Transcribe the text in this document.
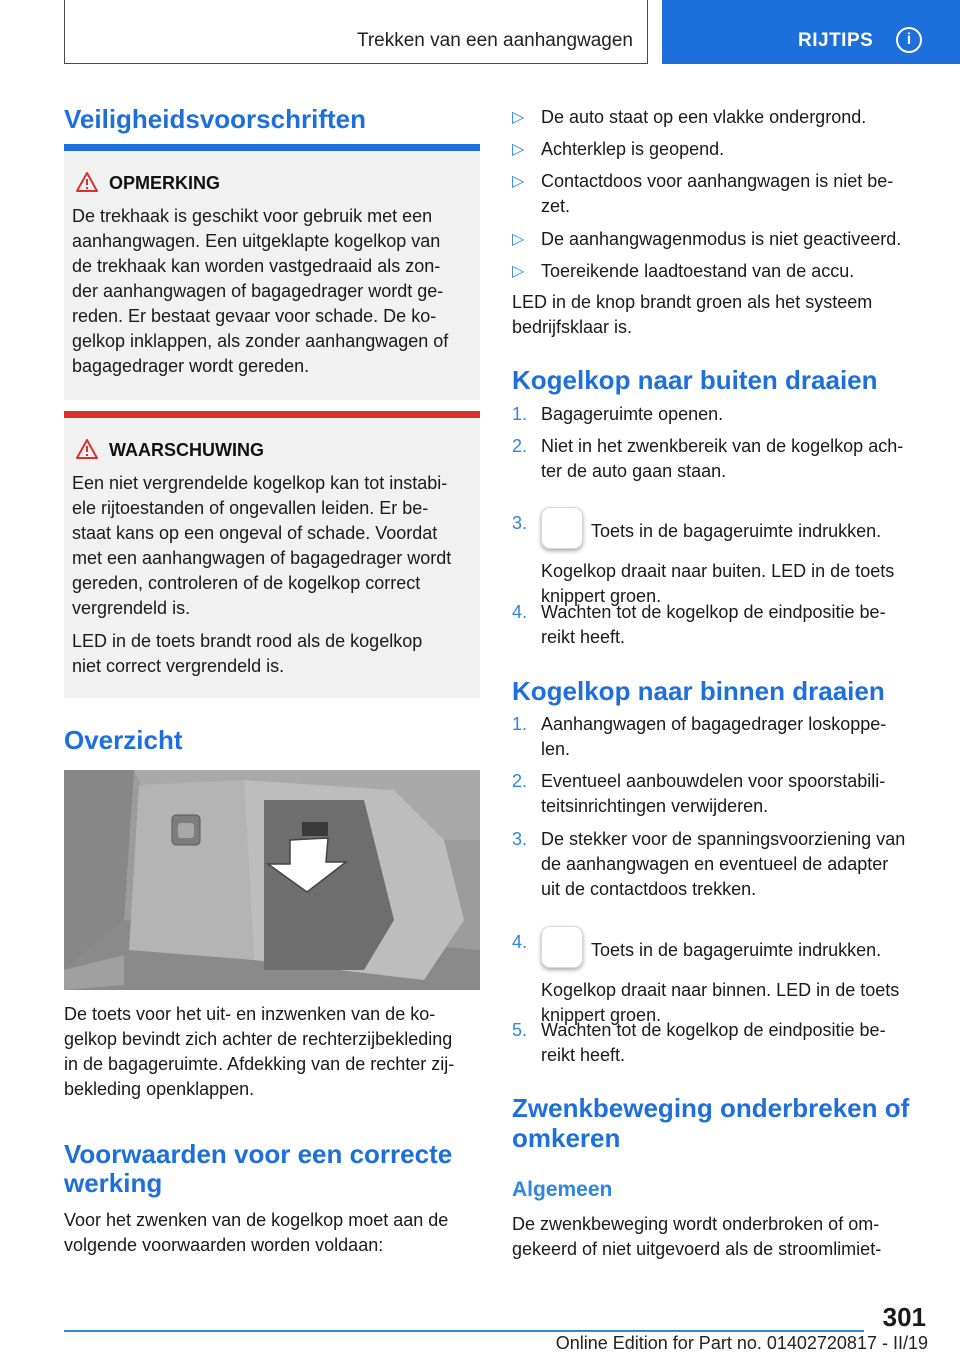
Trekken van een aanhangwagen	RIJTIPS	i
Veiligheidsvoorschriften
OPMERKING
De trekhaak is geschikt voor gebruik met een
aanhangwagen. Een uitgeklapte kogelkop van
de trekhaak kan worden vastgedraaid als zon-
der aanhangwagen of bagagedrager wordt ge-
reden. Er bestaat gevaar voor schade. De ko-
gelkop inklappen, als zonder aanhangwagen of
bagagedrager wordt gereden.
WAARSCHUWING
Een niet vergrendelde kogelkop kan tot instabi-
ele rijtoestanden of ongevallen leiden. Er be-
staat kans op een ongeval of schade. Voordat
met een aanhangwagen of bagagedrager wordt
gereden, controleren of de kogelkop correct
vergrendeld is.
LED in de toets brandt rood als de kogelkop
niet correct vergrendeld is.
Overzicht
De toets voor het uit- en inzwenken van de ko-
gelkop bevindt zich achter de rechterzijbekleding
in de bagageruimte. Afdekking van de rechter zij-
bekleding openklappen.
Voorwaarden voor een correcte
werking
Voor het zwenken van de kogelkop moet aan de
volgende voorwaarden worden voldaan:
▷ De auto staat op een vlakke ondergrond.
▷ Achterklep is geopend.
▷ Contactdoos voor aanhangwagen is niet be-
zet.
▷ De aanhangwagenmodus is niet geactiveerd.
▷ Toereikende laadtoestand van de accu.
LED in de knop brandt groen als het systeem
bedrijfsklaar is.
Kogelkop naar buiten draaien
1. Bagageruimte openen.
2. Niet in het zwenkbereik van de kogelkop ach-
ter de auto gaan staan.
3.	Toets in de bagageruimte indrukken.
Kogelkop draait naar buiten. LED in de toets
knippert groen.
4. Wachten tot de kogelkop de eindpositie be-
reikt heeft.
Kogelkop naar binnen draaien
1. Aanhangwagen of bagagedrager loskoppe-
len.
2. Eventueel aanbouwdelen voor spoorstabili-
teitsinrichtingen verwijderen.
3. De stekker voor de spanningsvoorziening van
de aanhangwagen en eventueel de adapter
uit de contactdoos trekken.
4.	Toets in de bagageruimte indrukken.
Kogelkop draait naar binnen. LED in de toets
knippert groen.
5. Wachten tot de kogelkop de eindpositie be-
reikt heeft.
Zwenkbeweging onderbreken of
omkeren
Algemeen
De zwenkbeweging wordt onderbroken of om-
gekeerd of niet uitgevoerd als de stroomlimiet-
301
Online Edition for Part no. 01402720817 - II/19
